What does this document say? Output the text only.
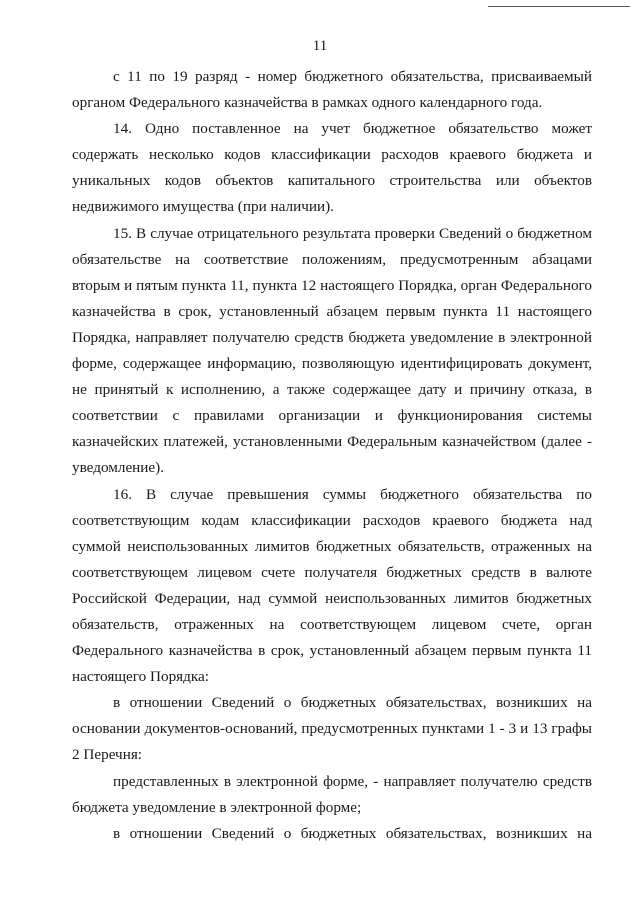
11

с 11 по 19 разряд - номер бюджетного обязательства, присваиваемый органом Федерального казначейства в рамках одного календарного года.

14. Одно поставленное на учет бюджетное обязательство может содержать несколько кодов классификации расходов краевого бюджета и уникальных кодов объектов капитального строительства или объектов недвижимого имущества (при наличии).

15. В случае отрицательного результата проверки Сведений о бюджетном обязательстве на соответствие положениям, предусмотренным абзацами вторым и пятым пункта 11, пункта 12 настоящего Порядка, орган Федерального казначейства в срок, установленный абзацем первым пункта 11 настоящего Порядка, направляет получателю средств бюджета уведомление в электронной форме, содержащее информацию, позволяющую идентифицировать документ, не принятый к исполнению, а также содержащее дату и причину отказа, в соответствии с правилами организации и функционирования системы казначейских платежей, установленными Федеральным казначейством (далее - уведомление).

16. В случае превышения суммы бюджетного обязательства по соответствующим кодам классификации расходов краевого бюджета над суммой неиспользованных лимитов бюджетных обязательств, отраженных на соответствующем лицевом счете получателя бюджетных средств в валюте Российской Федерации, над суммой неиспользованных лимитов бюджетных обязательств, отраженных на соответствующем лицевом счете, орган Федерального казначейства в срок, установленный абзацем первым пункта 11 настоящего Порядка:

в отношении Сведений о бюджетных обязательствах, возникших на основании документов-оснований, предусмотренных пунктами 1 - 3 и 13 графы 2 Перечня:

представленных в электронной форме, - направляет получателю средств бюджета уведомление в электронной форме;

в отношении Сведений о бюджетных обязательствах, возникших на
